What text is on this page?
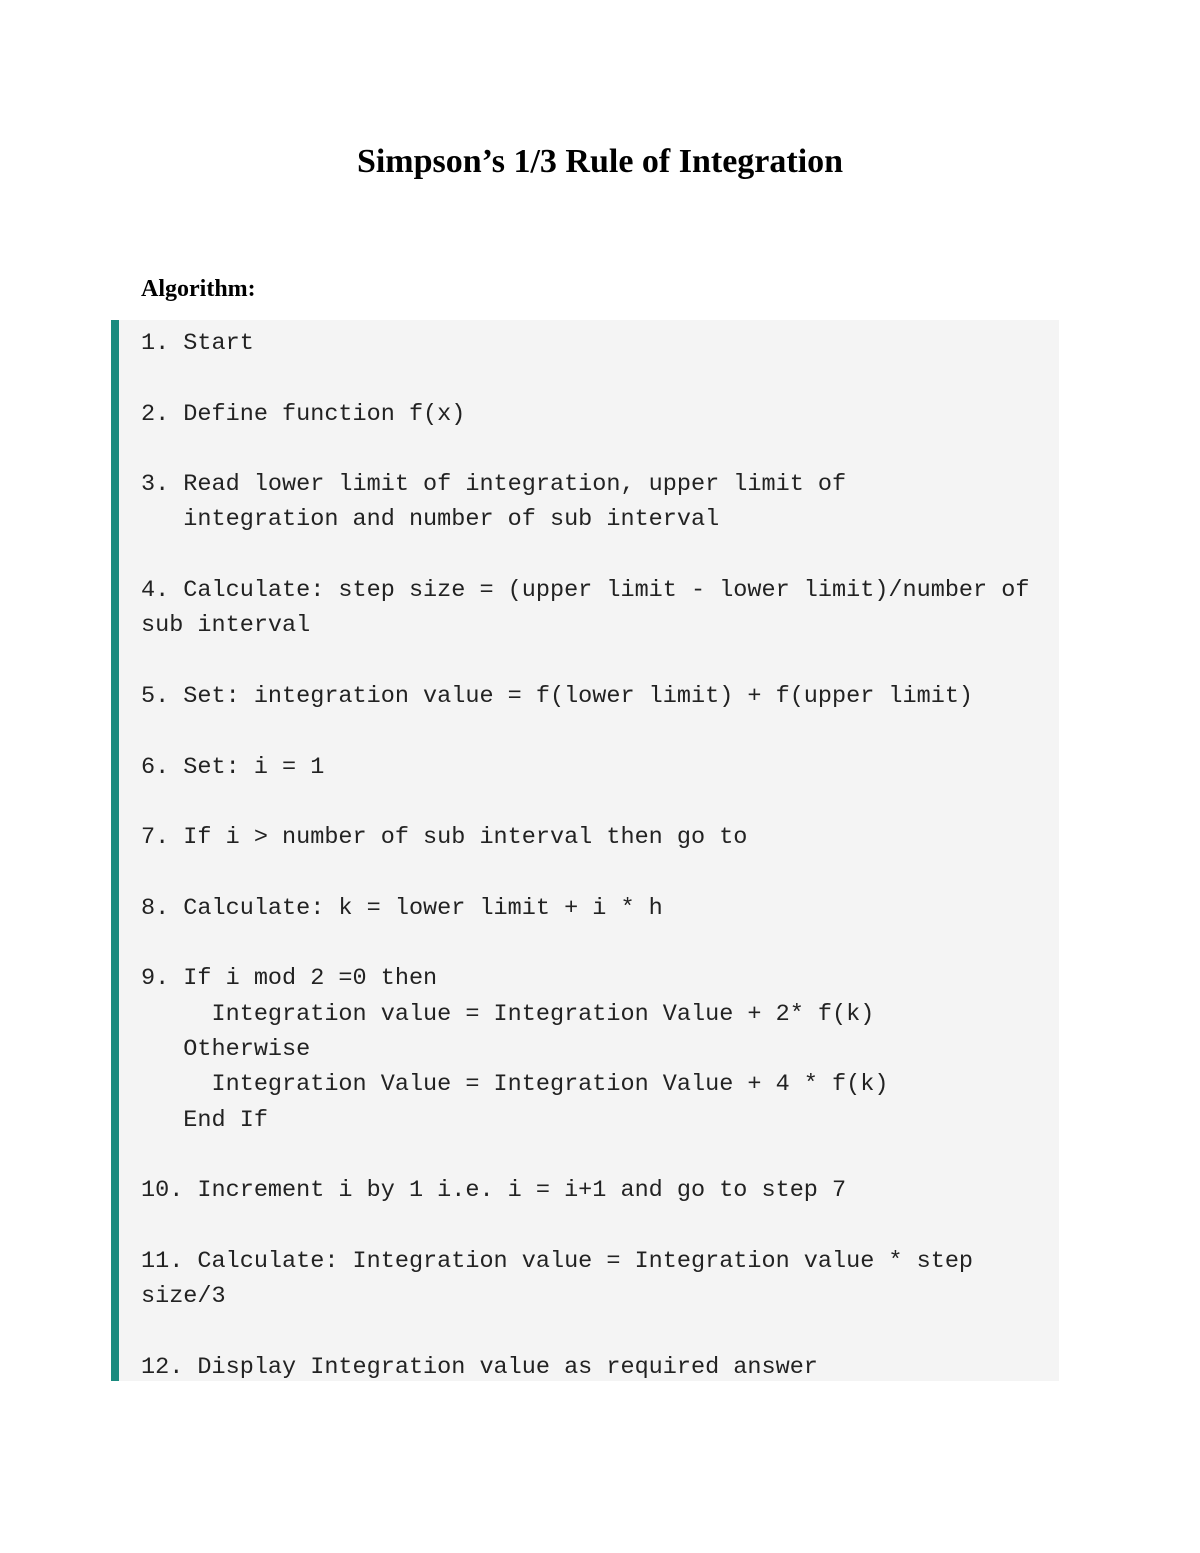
Simpson’s 1/3 Rule of Integration
Algorithm:
1. Start
2. Define function f(x)
3. Read lower limit of integration, upper limit of
integration and number of sub interval
4. Calculate: step size = (upper limit - lower limit)/number of
sub interval
5. Set: integration value = f(lower limit) + f(upper limit)
6. Set: i = 1
7. If i > number of sub interval then go to
8. Calculate: k = lower limit + i * h
9. If i mod 2 =0 then
Integration value = Integration Value + 2* f(k)
Otherwise
Integration Value = Integration Value + 4 * f(k)
End If
10. Increment i by 1 i.e. i = i+1 and go to step 7
11. Calculate: Integration value = Integration value * step
size/3
12. Display Integration value as required answer
